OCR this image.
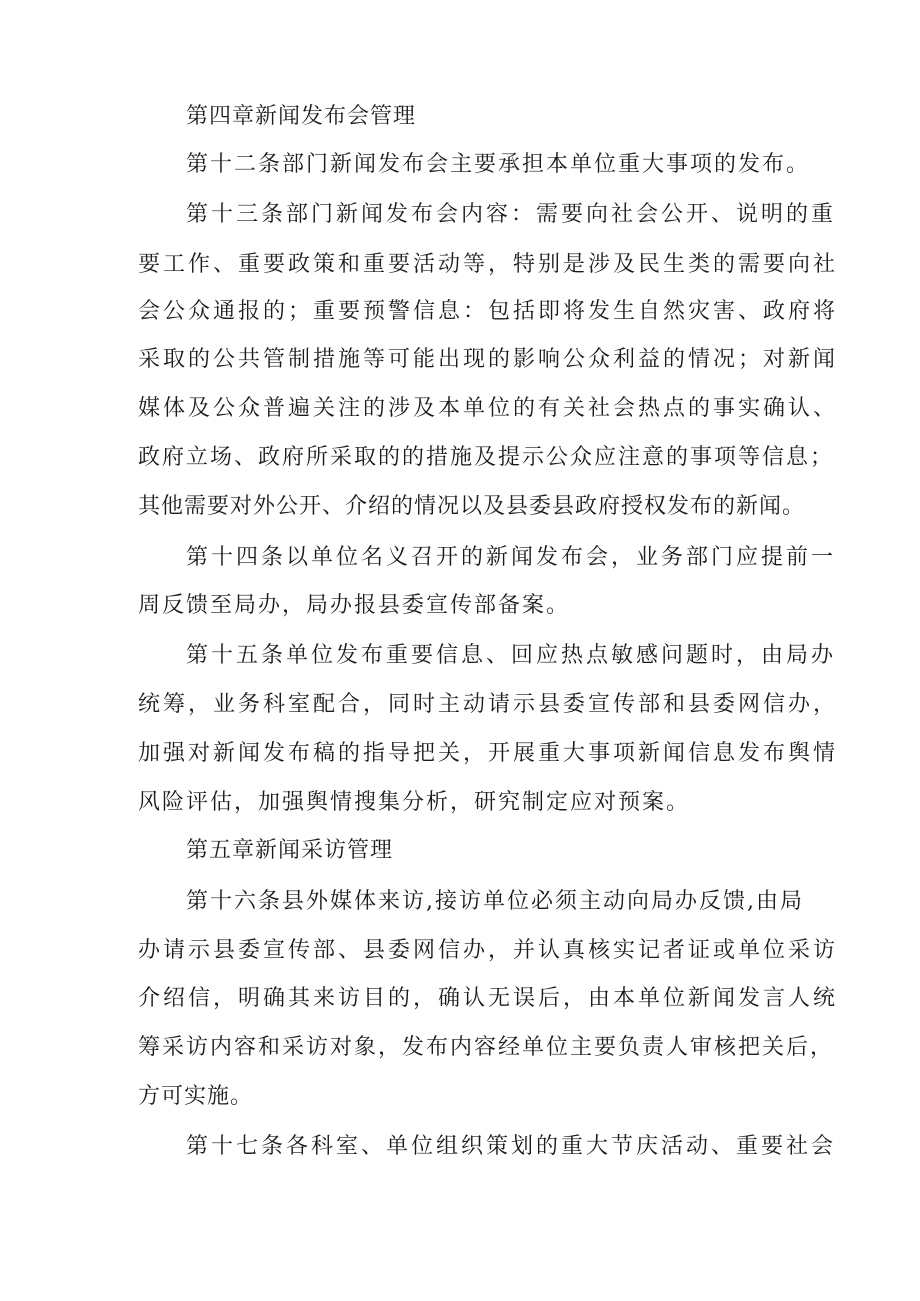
第四章新闻发布会管理
第十二条部门新闻发布会主要承担本单位重大事项的发布。
第十三条部门新闻发布会内容：需要向社会公开、说明的重
要工作、重要政策和重要活动等，特别是涉及民生类的需要向社
会公众通报的；重要预警信息：包括即将发生自然灾害、政府将
采取的公共管制措施等可能出现的影响公众利益的情况；对新闻
媒体及公众普遍关注的涉及本单位的有关社会热点的事实确认、
政府立场、政府所采取的的措施及提示公众应注意的事项等信息；
其他需要对外公开、介绍的情况以及县委县政府授权发布的新闻。
第十四条以单位名义召开的新闻发布会，业务部门应提前一
周反馈至局办，局办报县委宣传部备案。
第十五条单位发布重要信息、回应热点敏感问题时，由局办
统筹，业务科室配合，同时主动请示县委宣传部和县委网信办，
加强对新闻发布稿的指导把关，开展重大事项新闻信息发布舆情
风险评估，加强舆情搜集分析，研究制定应对预案。
第五章新闻采访管理
第十六条县外媒体来访,接访单位必须主动向局办反馈,由局
办请示县委宣传部、县委网信办，并认真核实记者证或单位采访
介绍信，明确其来访目的，确认无误后，由本单位新闻发言人统
筹采访内容和采访对象，发布内容经单位主要负责人审核把关后，
方可实施。
第十七条各科室、单位组织策划的重大节庆活动、重要社会
